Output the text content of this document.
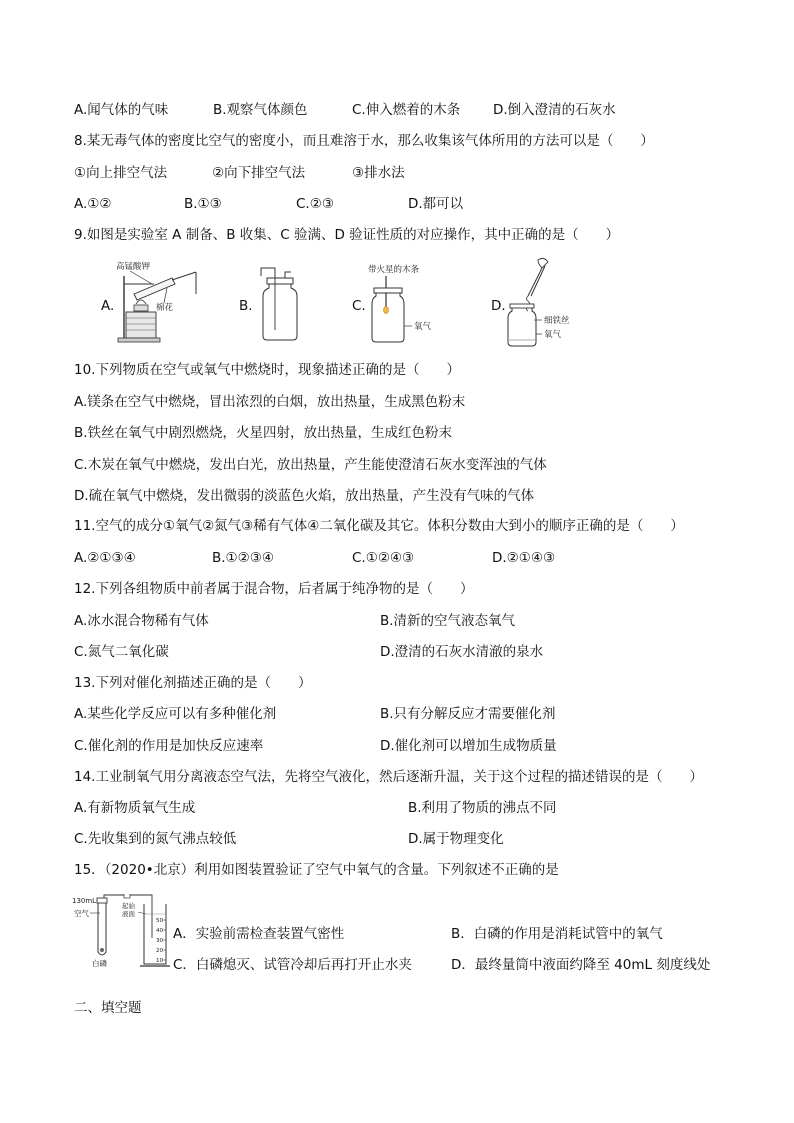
A.闻气体的气味	B.观察气体颜色	C.伸入燃着的木条 D.倒入澄清的石灰水
8.某无毒气体的密度比空气的密度小，而且难溶于水，那么收集该气体所用的方法可以是（　　）
①向上排空气法	②向下排空气法	③排水法
A.①②	B.①③	C.②③	D.都可以
9.如图是实验室 A 制备、B 收集、C 验满、D 验证性质的对应操作，其中正确的是（　　）
A.	B.	C.	D.
高锰酸钾
棉花
带火星的木条
氧气
细铁丝
氧气
10.下列物质在空气或氧气中燃烧时，现象描述正确的是（　　）
A.镁条在空气中燃烧，冒出浓烈的白烟，放出热量，生成黑色粉末
B.铁丝在氧气中剧烈燃烧，火星四射，放出热量，生成红色粉末
C.木炭在氧气中燃烧，发出白光，放出热量，产生能使澄清石灰水变浑浊的气体
D.硫在氧气中燃烧，发出微弱的淡蓝色火焰，放出热量，产生没有气味的气体
11.空气的成分①氧气②氮气③稀有气体④二氧化碳及其它。体积分数由大到小的顺序正确的是（　　）
A.②①③④	B.①②③④	C.①②④③	D.②①④③
12.下列各组物质中前者属于混合物，后者属于纯净物的是（　　）
A.冰水混合物稀有气体	B.清新的空气液态氧气
C.氮气二氧化碳	D.澄清的石灰水清澈的泉水
13.下列对催化剂描述正确的是（　　）
A.某些化学反应可以有多种催化剂	B.只有分解反应才需要催化剂
C.催化剂的作用是加快反应速率	D.催化剂可以增加生成物质量
14.工业制氧气用分离液态空气法，先将空气液化，然后逐渐升温，关于这个过程的描述错误的是（　　）
A.有新物质氧气生成	B.利用了物质的沸点不同
C.先收集到的氮气沸点较低	D.属于物理变化
15．（2020•北京）利用如图装置验证了空气中氧气的含量。下列叙述不正确的是
130mL
空气
白磷
起始
液面
50
40
30
20
10
A．实验前需检查装置气密性	B．白磷的作用是消耗试管中的氧气
C．白磷熄灭、试管冷却后再打开止水夹	D．最终量筒中液面约降至 40mL 刻度线处
二、填空题
